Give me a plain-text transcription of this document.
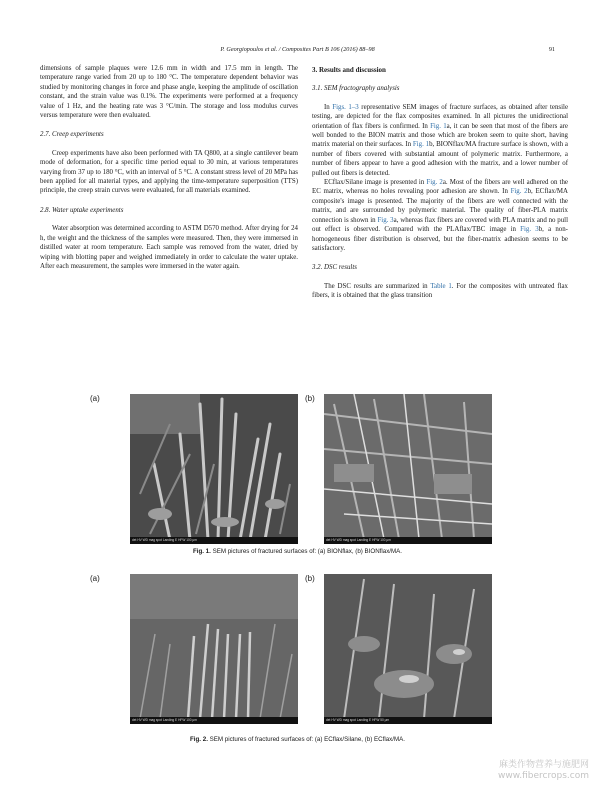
P. Georgiopoulos et al. / Composites Part B 106 (2016) 88–98	91

dimensions of sample plaques were 12.6 mm in width and 17.5 mm in length. The temperature range varied from 20 up to 180 °C. The temperature dependent behavior was studied by monitoring changes in force and phase angle, keeping the amplitude of oscillation constant, and the strain value was 0.1%. The experiments were performed at a frequency value of 1 Hz, and the heating rate was 3 °C/min. The storage and loss modulus curves versus temperature were then evaluated.

2.7. Creep experiments

Creep experiments have also been performed with TA Q800, at a single cantilever beam mode of deformation, for a specific time period equal to 30 min, at various temperatures varying from 37 up to 180 °C, with an interval of 5 °C. A constant stress level of 20 MPa has been applied for all material types, and applying the time-temperature superposition (TTS) principle, the creep strain curves were evaluated, for all materials examined.

2.8. Water uptake experiments

Water absorption was determined according to ASTM D570 method. After drying for 24 h, the weight and the thickness of the samples were measured. Then, they were immersed in distilled water at room temperature. Each sample was removed from the water, dried by wiping with blotting paper and weighed immediately in order to calculate the water uptake. After each measurement, the samples were immersed in the water again.

3. Results and discussion
3.1. SEM fractography analysis

In Figs. 1–3 representative SEM images of fracture surfaces, as obtained after tensile testing, are depicted for the flax composites examined. In all pictures the unidirectional orientation of flax fibers is confirmed. In Fig. 1a, it can be seen that most of the fibers are well bonded to the BION matrix and those which are broken seem to quite short, having matrix material on their surfaces. In Fig. 1b, BIONflax/MA fracture surface is shown, with a number of fibers covered with substantial amount of polymeric matrix. Furthermore, a number of fibers appear to have a good adhesion with the matrix, and a lower number of pulled out fibers is detected.

ECflax/Silane image is presented in Fig. 2a. Most of the fibers are well adhered on the EC matrix, whereas no holes revealing poor adhesion are shown. In Fig. 2b, ECflax/MA composite's image is presented. The majority of the fibers are well connected with the matrix, and are surrounded by polymeric material. The quality of fiber-PLA matrix connection is shown in Fig. 3a, whereas flax fibers are covered with PLA matrix and no pull out effect is observed. Compared with the PLAflax/TBC image in Fig. 3b, a non-homogeneous fiber distribution is observed, but the fiber-matrix adhesion seems to be satisfactory.

3.2. DSC results

The DSC results are summarized in Table 1. For the composites with untreated flax fibers, it is obtained that the glass transition

(a)
det HV WD mag spot Landing E HFW 100 μm
(b)
det HV WD mag spot Landing E HFW 100 μm
Fig. 1. SEM pictures of fractured surfaces of: (a) BIONflax, (b) BIONflax/MA.
(a)
det HV WD mag spot Landing E HFW 100 μm
(b)
det HV WD mag spot Landing E HFW 50 μm
Fig. 2. SEM pictures of fractured surfaces of: (a) ECflax/Silane, (b) ECflax/MA.
麻类作物营养与施肥网
www.fibercrops.com
